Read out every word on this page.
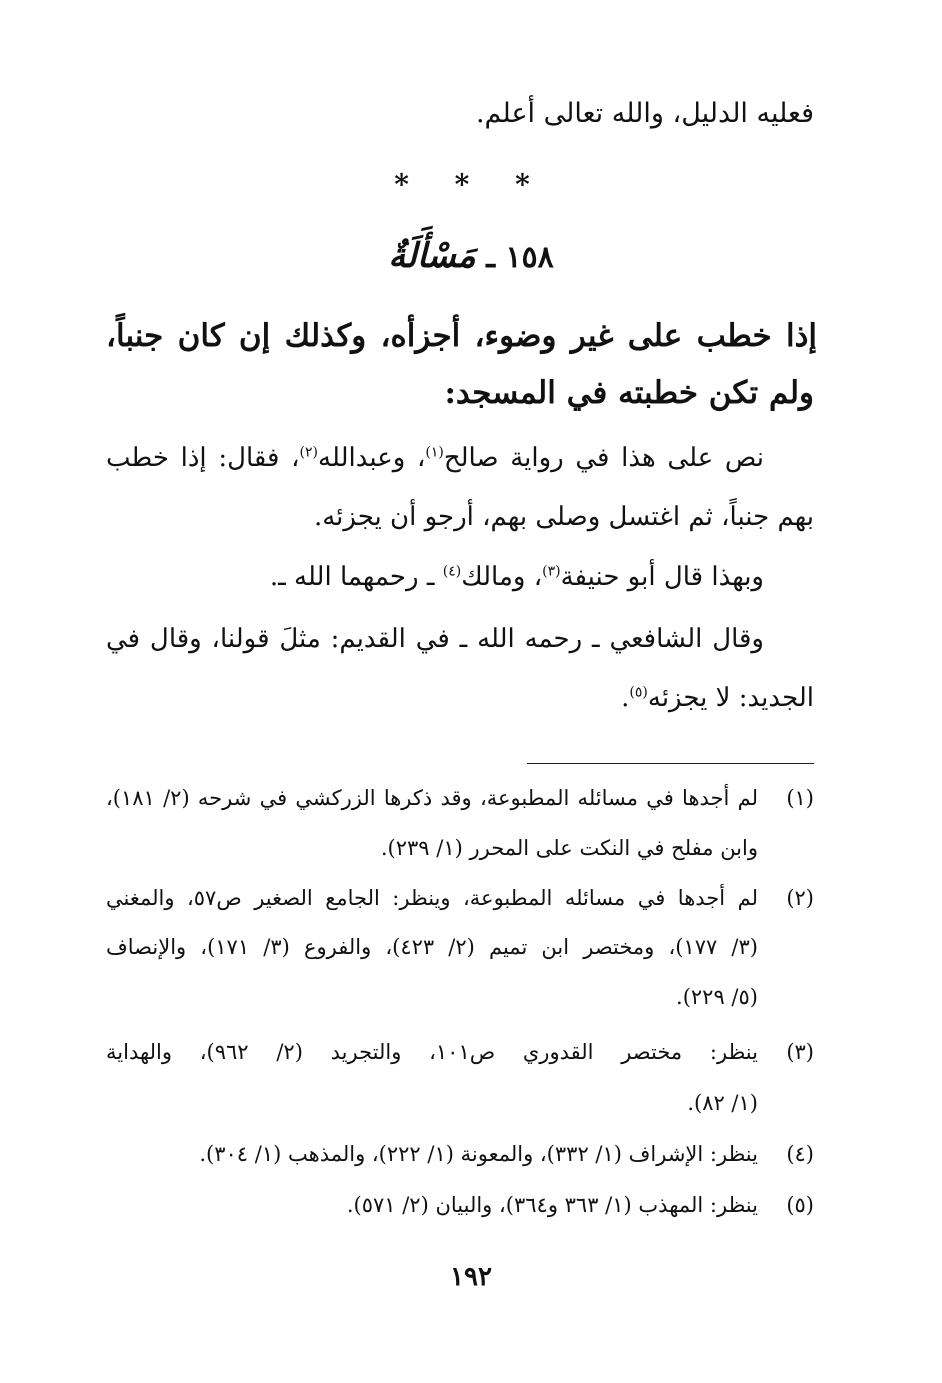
فعليه الدليل، والله تعالى أعلم.
* * *
١٥٨ ـ مَسْأَلَةٌ
إذا خطب على غير وضوء، أجزأه، وكذلك إن كان جنباً،
ولم تكن خطبته في المسجد:
نص على هذا في رواية صالح$^{(١)}$، وعبدالله$^{(٢)}$، فقال: إذا خطب
بهم جنباً، ثم اغتسل وصلى بهم، أرجو أن يجزئه.
وبهذا قال أبو حنيفة$^{(٣)}$، ومالك$^{(٤)}$ ـ رحمهما الله ـ.
وقال الشافعي ـ رحمه الله ـ في القديم: مثلَ قولنا، وقال في
الجديد: لا يجزئه$^{(٥)}$.
(١)
لم أجدها في مسائله المطبوعة، وقد ذكرها الزركشي في شرحه (٢/ ١٨١)،
وابن مفلح في النكت على المحرر (١/ ٢٣٩).
(٢)
لم أجدها في مسائله المطبوعة، وينظر: الجامع الصغير ص٥٧، والمغني
(٣/ ١٧٧)، ومختصر ابن تميم (٢/ ٤٢٣)، والفروع (٣/ ١٧١)، والإنصاف
(٥/ ٢٢٩).
(٣)
ينظر: مختصر القدوري ص١٠١، والتجريد (٢/ ٩٦٢)، والهداية
(١/ ٨٢).
(٤)
ينظر: الإشراف (١/ ٣٣٢)، والمعونة (١/ ٢٢٢)، والمذهب (١/ ٣٠٤).
(٥)
ينظر: المهذب (١/ ٣٦٣ و٣٦٤)، والبيان (٢/ ٥٧١).
١٩٢
